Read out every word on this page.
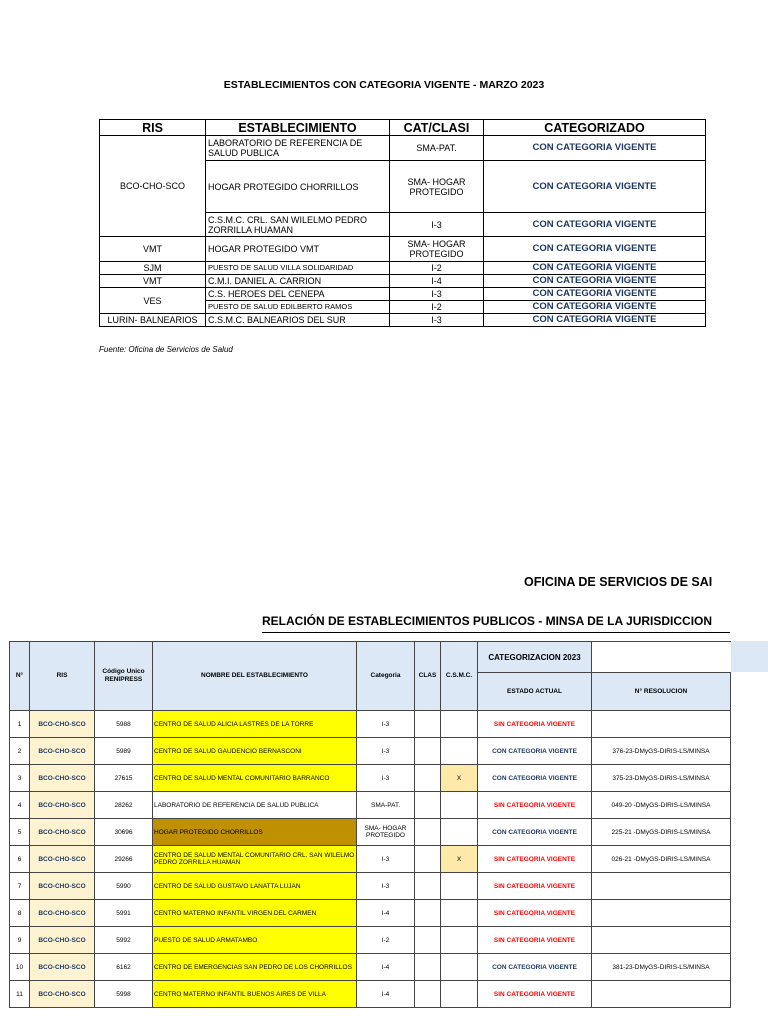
ESTABLECIMIENTOS CON CATEGORIA VIGENTE - MARZO 2023
RIS	ESTABLECIMIENTO	CAT/CLASI	CATEGORIZADO
BCO-CHO-SCO	LABORATORIO DE REFERENCIA DE SALUD PUBLICA	SMA-PAT.	CON CATEGORIA VIGENTE
	HOGAR PROTEGIDO CHORRILLOS	SMA- HOGAR PROTEGIDO	CON CATEGORIA VIGENTE
	C.S.M.C. CRL. SAN WILELMO PEDRO ZORRILLA HUAMAN	I-3	CON CATEGORIA VIGENTE
VMT	HOGAR PROTEGIDO VMT	SMA- HOGAR PROTEGIDO	CON CATEGORIA VIGENTE
SJM	PUESTO DE SALUD VILLA SOLIDARIDAD	I-2	CON CATEGORIA VIGENTE
VMT	C.M.I. DANIEL A. CARRION	I-4	CON CATEGORIA VIGENTE
VES	C.S. HEROES DEL CENEPA	I-3	CON CATEGORIA VIGENTE
	PUESTO DE SALUD EDILBERTO RAMOS	I-2	CON CATEGORIA VIGENTE
LURIN- BALNEARIOS	C.S.M.C. BALNEARIOS DEL SUR	I-3	CON CATEGORIA VIGENTE
Fuente: Oficina de Servicios de Salud
OFICINA DE SERVICIOS DE SAI
RELACIÓN DE ESTABLECIMIENTOS PUBLICOS - MINSA DE LA JURISDICCION
N°	RIS	Código Unico RENIPRESS	NOMBRE DEL ESTABLECIMIENTO	Categoria	CLAS	C.S.M.C.	CATEGORIZACION 2023	
							ESTADO ACTUAL	N° RESOLUCION
1	BCO-CHO-SCO	5988	CENTRO DE SALUD ALICIA LASTRES DE LA TORRE	I-3			SIN CATEGORIA VIGENTE	
2	BCO-CHO-SCO	5989	CENTRO DE SALUD GAUDENCIO BERNASCONI	I-3			CON CATEGORIA VIGENTE	376-23-DMyGS-DIRIS-LS/MINSA
3	BCO-CHO-SCO	27615	CENTRO DE SALUD MENTAL COMUNITARIO BARRANCO	I-3		X	CON CATEGORIA VIGENTE	375-23-DMyGS-DIRIS-LS/MINSA
4	BCO-CHO-SCO	28262	LABORATORIO DE REFERENCIA DE SALUD PUBLICA	SMA-PAT.			SIN CATEGORIA VIGENTE	049-20 -DMyGS-DIRIS-LS/MINSA
5	BCO-CHO-SCO	30696	HOGAR PROTEGIDO CHORRILLOS	SMA- HOGAR PROTEGIDO			CON CATEGORIA VIGENTE	225-21 -DMyGS-DIRIS-LS/MINSA
6	BCO-CHO-SCO	29266	CENTRO DE SALUD MENTAL COMUNITARIO CRL. SAN WILELMO PEDRO ZORRILLA HUAMAN	I-3		X	SIN CATEGORIA VIGENTE	026-21 -DMyGS-DIRIS-LS/MINSA
7	BCO-CHO-SCO	5990	CENTRO DE SALUD GUSTAVO LANATTA LUJAN	I-3			SIN CATEGORIA VIGENTE	
8	BCO-CHO-SCO	5991	CENTRO MATERNO INFANTIL VIRGEN DEL CARMEN	I-4			SIN CATEGORIA VIGENTE	
9	BCO-CHO-SCO	5992	PUESTO DE SALUD ARMATAMBO	I-2			SIN CATEGORIA VIGENTE	
10	BCO-CHO-SCO	6162	CENTRO DE EMERGENCIAS SAN PEDRO DE LOS CHORRILLOS	I-4			CON CATEGORIA VIGENTE	381-23-DMyGS-DIRIS-LS/MINSA
11	BCO-CHO-SCO	5998	CENTRO MATERNO INFANTIL BUENOS AIRES DE VILLA	I-4			SIN CATEGORIA VIGENTE	
